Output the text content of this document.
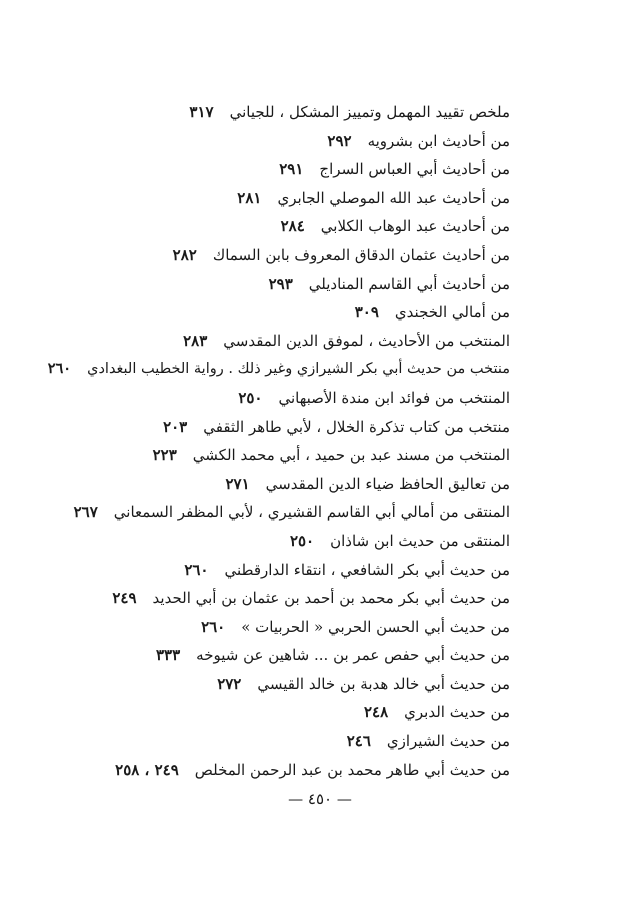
ملخص تقييد المهمل وتمييز المشكل ، للجياني٣١٧
من أحاديث ابن بشرويه٢٩٢
من أحاديث أبي العباس السراج٢٩١
من أحاديث عبد الله الموصلي الجابري٢٨١
من أحاديث عبد الوهاب الكلابي٢٨٤
من أحاديث عثمان الدقاق المعروف بابن السماك٢٨٢
من أحاديث أبي القاسم المناديلي٢٩٣
من أمالي الخجندي٣٠٩
المنتخب من الأحاديث ، لموفق الدين المقدسي٢٨٣
منتخب من حديث أبي بكر الشيرازي وغير ذلك . رواية الخطيب البغدادي٢٦٠
المنتخب من فوائد ابن مندة الأصبهاني٢٥٠
منتخب من كتاب تذكرة الخلال ، لأبي طاهر الثقفي٢٠٣
المنتخب من مسند عبد بن حميد ، أبي محمد الكشي٢٢٣
من تعاليق الحافظ ضياء الدين المقدسي٢٧١
المنتقى من أمالي أبي القاسم القشيري ، لأبي المظفر السمعاني٢٦٧
المنتقى من حديث ابن شاذان٢٥٠
من حديث أبي بكر الشافعي ، انتقاء الدارقطني٢٦٠
من حديث أبي بكر محمد بن أحمد بن عثمان بن أبي الحديد٢٤٩
من حديث أبي الحسن الحربي « الحربيات »٢٦٠
من حديث أبي حفص عمر بن ... شاهين عن شيوخه٣٣٣
من حديث أبي خالد هدبة بن خالد القيسي٢٧٢
من حديث الدبري٢٤٨
من حديث الشيرازي٢٤٦
من حديث أبي طاهر محمد بن عبد الرحمن المخلص٢٤٩ ، ٢٥٨
— ٤٥٠ —
